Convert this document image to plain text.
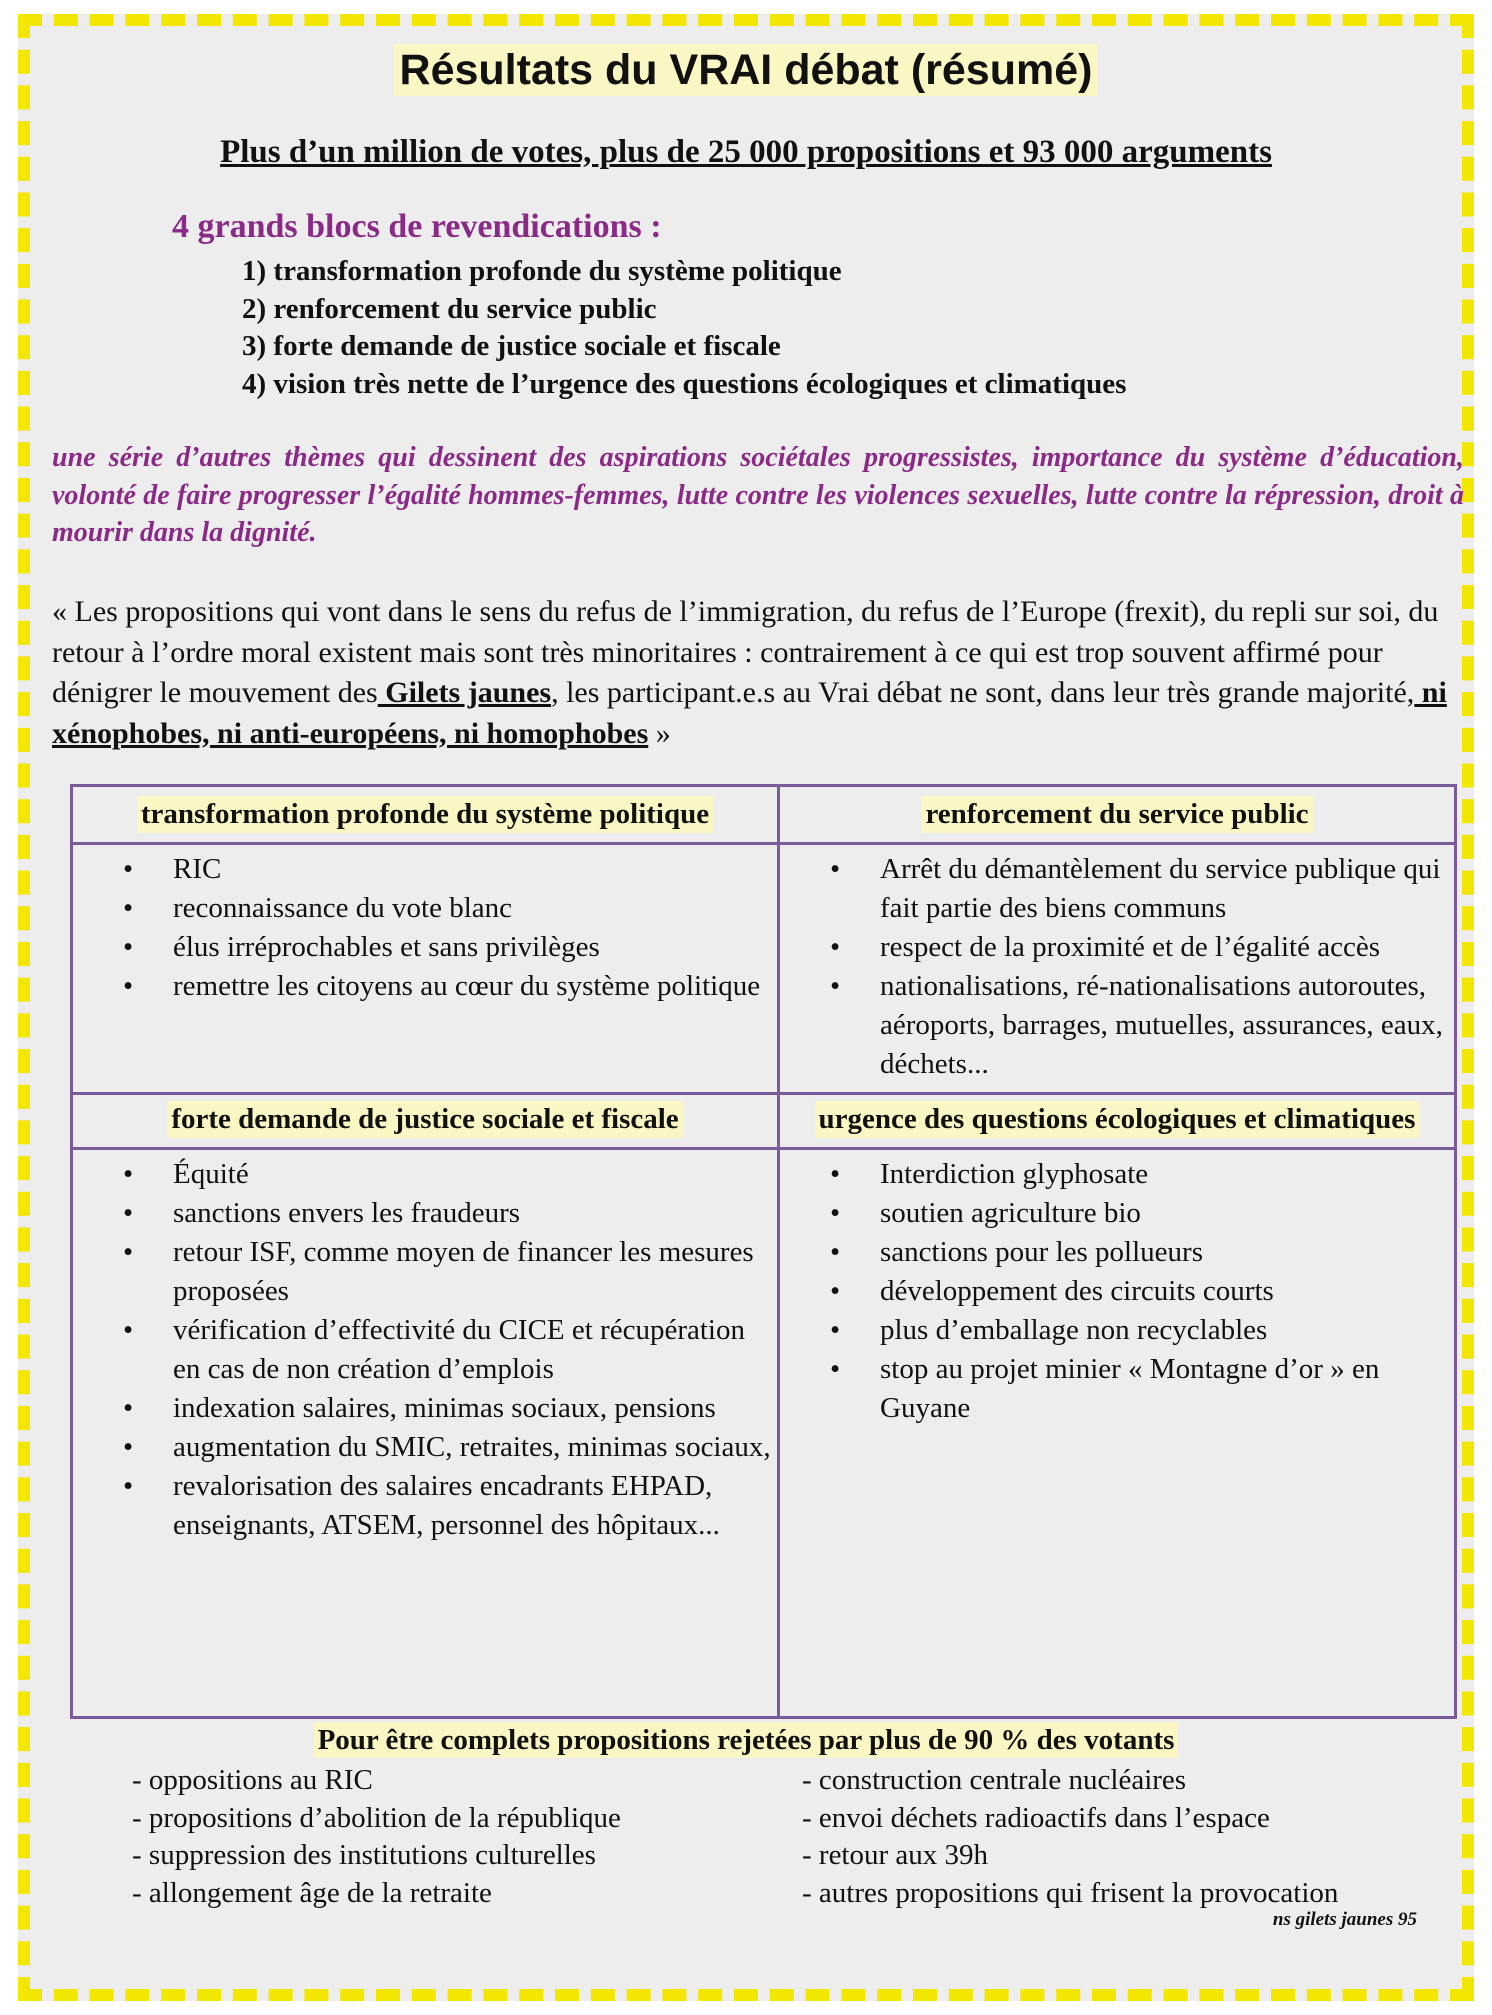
Résultats du VRAI débat (résumé)
Plus d’un million de votes, plus de 25 000 propositions et 93 000 arguments
4 grands blocs de revendications :
1) transformation profonde du système politique
2) renforcement du service public
3) forte demande de justice sociale et fiscale
4) vision très nette de l’urgence des questions écologiques et climatiques
une série d’autres thèmes qui dessinent des aspirations sociétales progressistes, importance du système d’éducation, volonté de faire progresser l’égalité hommes-femmes, lutte contre les violences sexuelles, lutte contre la répression, droit à mourir dans la dignité.
« Les propositions qui vont dans le sens du refus de l’immigration, du refus de l’Europe (frexit), du repli sur soi, du retour à l’ordre moral existent mais sont très minoritaires : contrairement à ce qui est trop souvent affirmé pour dénigrer le mouvement des Gilets jaunes, les participant.e.s au Vrai débat ne sont, dans leur très grande majorité, ni xénophobes, ni anti-européens, ni homophobes »
transformation profonde du système politique	renforcement du service public
• RIC
• reconnaissance du vote blanc
• élus irréprochables et sans privilèges
• remettre les citoyens au cœur du système politique
• Arrêt du démantèlement du service publique qui fait partie des biens communs
• respect de la proximité et de l’égalité accès
• nationalisations, ré-nationalisations autoroutes, aéroports, barrages, mutuelles, assurances, eaux, déchets...
forte demande de justice sociale et fiscale	urgence des questions écologiques et climatiques
• Équité
• sanctions envers les fraudeurs
• retour ISF, comme moyen de financer les mesures proposées
• vérification d’effectivité du CICE et récupération en cas de non création d’emplois
• indexation salaires, minimas sociaux, pensions
• augmentation du SMIC, retraites, minimas sociaux,
• revalorisation des salaires encadrants EHPAD, enseignants, ATSEM, personnel des hôpitaux...
• Interdiction glyphosate
• soutien agriculture bio
• sanctions pour les pollueurs
• développement des circuits courts
• plus d’emballage non recyclables
• stop au projet minier « Montagne d’or » en Guyane
Pour être complets propositions rejetées par plus de 90 % des votants
- oppositions au RIC
- propositions d’abolition de la république
- suppression des institutions culturelles
- allongement âge de la retraite
- construction centrale nucléaires
- envoi déchets radioactifs dans l’espace
- retour aux 39h
- autres propositions qui frisent la provocation
ns gilets jaunes 95
